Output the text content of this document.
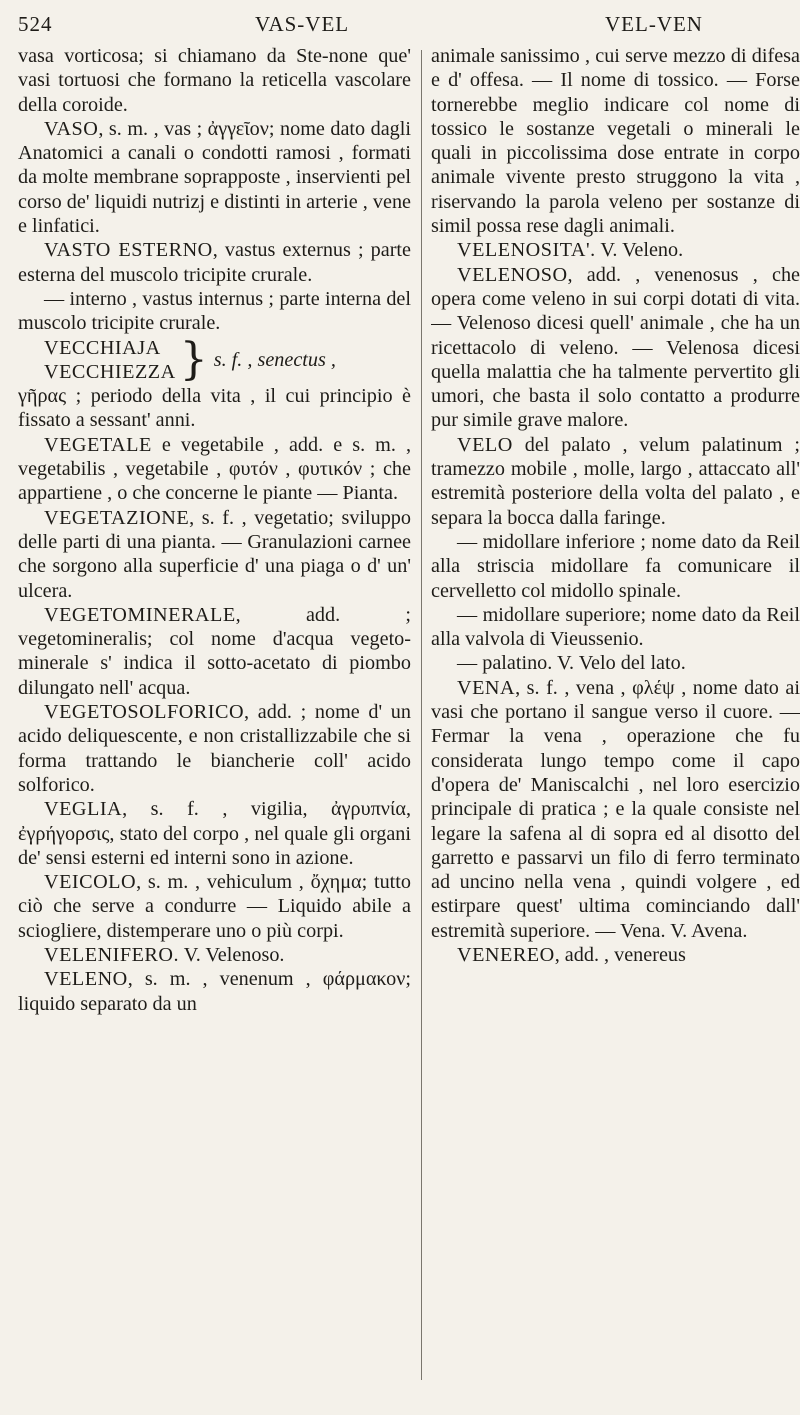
524	VAS-VEL	VEL-VEN

vasa vorticosa; si chiamano da Ste-none que' vasi tortuosi che formano la reticella vascolare della coroide.

VASO, s. m. , vas ; ἀγγεῖον; nome dato dagli Anatomici a canali o condotti ramosi , formati da molte membrane soprapposte , inservienti pel corso de' liquidi nutrizj e distinti in arterie , vene e linfatici.

VASTO ESTERNO, vastus externus ; parte esterna del muscolo tricipite crurale.

— interno , vastus internus ; parte interna del muscolo tricipite crurale.

VECCHIAJA
VECCHIEZZA } s. f. , senectus ,

γῆρας ; periodo della vita , il cui principio è fissato a sessant' anni.

VEGETALE e vegetabile , add. e s. m. , vegetabilis , vegetabile , φυτόν , φυτικόν ; che appartiene , o che concerne le piante — Pianta.

VEGETAZIONE, s. f. , vegetatio; sviluppo delle parti di una pianta. — Granulazioni carnee che sorgono alla superficie d' una piaga o d' un' ulcera.

VEGETOMINERALE, add. ; vegetomineralis; col nome d'acqua vegeto-minerale s' indica il sotto-acetato di piombo dilungato nell' acqua.

VEGETOSOLFORICO, add. ; nome d' un acido deliquescente, e non cristallizzabile che si forma trattando le biancherie coll' acido solforico.

VEGLIA, s. f. , vigilia, ἀγρυπνία, ἐγρήγορσις, stato del corpo , nel quale gli organi de' sensi esterni ed interni sono in azione.

VEICOLO, s. m. , vehiculum , ὄχημα; tutto ciò che serve a condurre — Liquido abile a sciogliere, distemperare uno o più corpi.

VELENIFERO. V. Velenoso.

VELENO, s. m. , venenum , φάρμακον; liquido separato da un

animale sanissimo , cui serve mezzo di difesa e d' offesa. — Il nome di tossico. — Forse tornerebbe meglio indicare col nome di tossico le sostanze vegetali o minerali le quali in piccolissima dose entrate in corpo animale vivente presto struggono la vita , riservando la parola veleno per sostanze di simil possa rese dagli animali.

VELENOSITA'. V. Veleno.

VELENOSO, add. , venenosus , che opera come veleno in sui corpi dotati di vita. — Velenoso dicesi quell' animale , che ha un ricettacolo di veleno. — Velenosa dicesi quella malattia che ha talmente pervertito gli umori, che basta il solo contatto a produrre pur simile grave malore.

VELO del palato , velum palatinum ; tramezzo mobile , molle, largo , attaccato all' estremità posteriore della volta del palato , e separa la bocca dalla faringe.

— midollare inferiore ; nome dato da Reil alla striscia midollare fa comunicare il cervelletto col midollo spinale.

— midollare superiore; nome dato da Reil alla valvola di Vieussenio.

— palatino. V. Velo del lato.

VENA, s. f. , vena , φλέψ , nome dato ai vasi che portano il sangue verso il cuore. — Fermar la vena , operazione che fu considerata lungo tempo come il capo d'opera de' Maniscalchi , nel loro esercizio principale di pratica ; e la quale consiste nel legare la safena al di sopra ed al disotto del garretto e passarvi un filo di ferro terminato ad uncino nella vena , quindi volgere , ed estirpare quest' ultima cominciando dall' estremità superiore. — Vena. V. Avena.

VENEREO, add. , venereus
